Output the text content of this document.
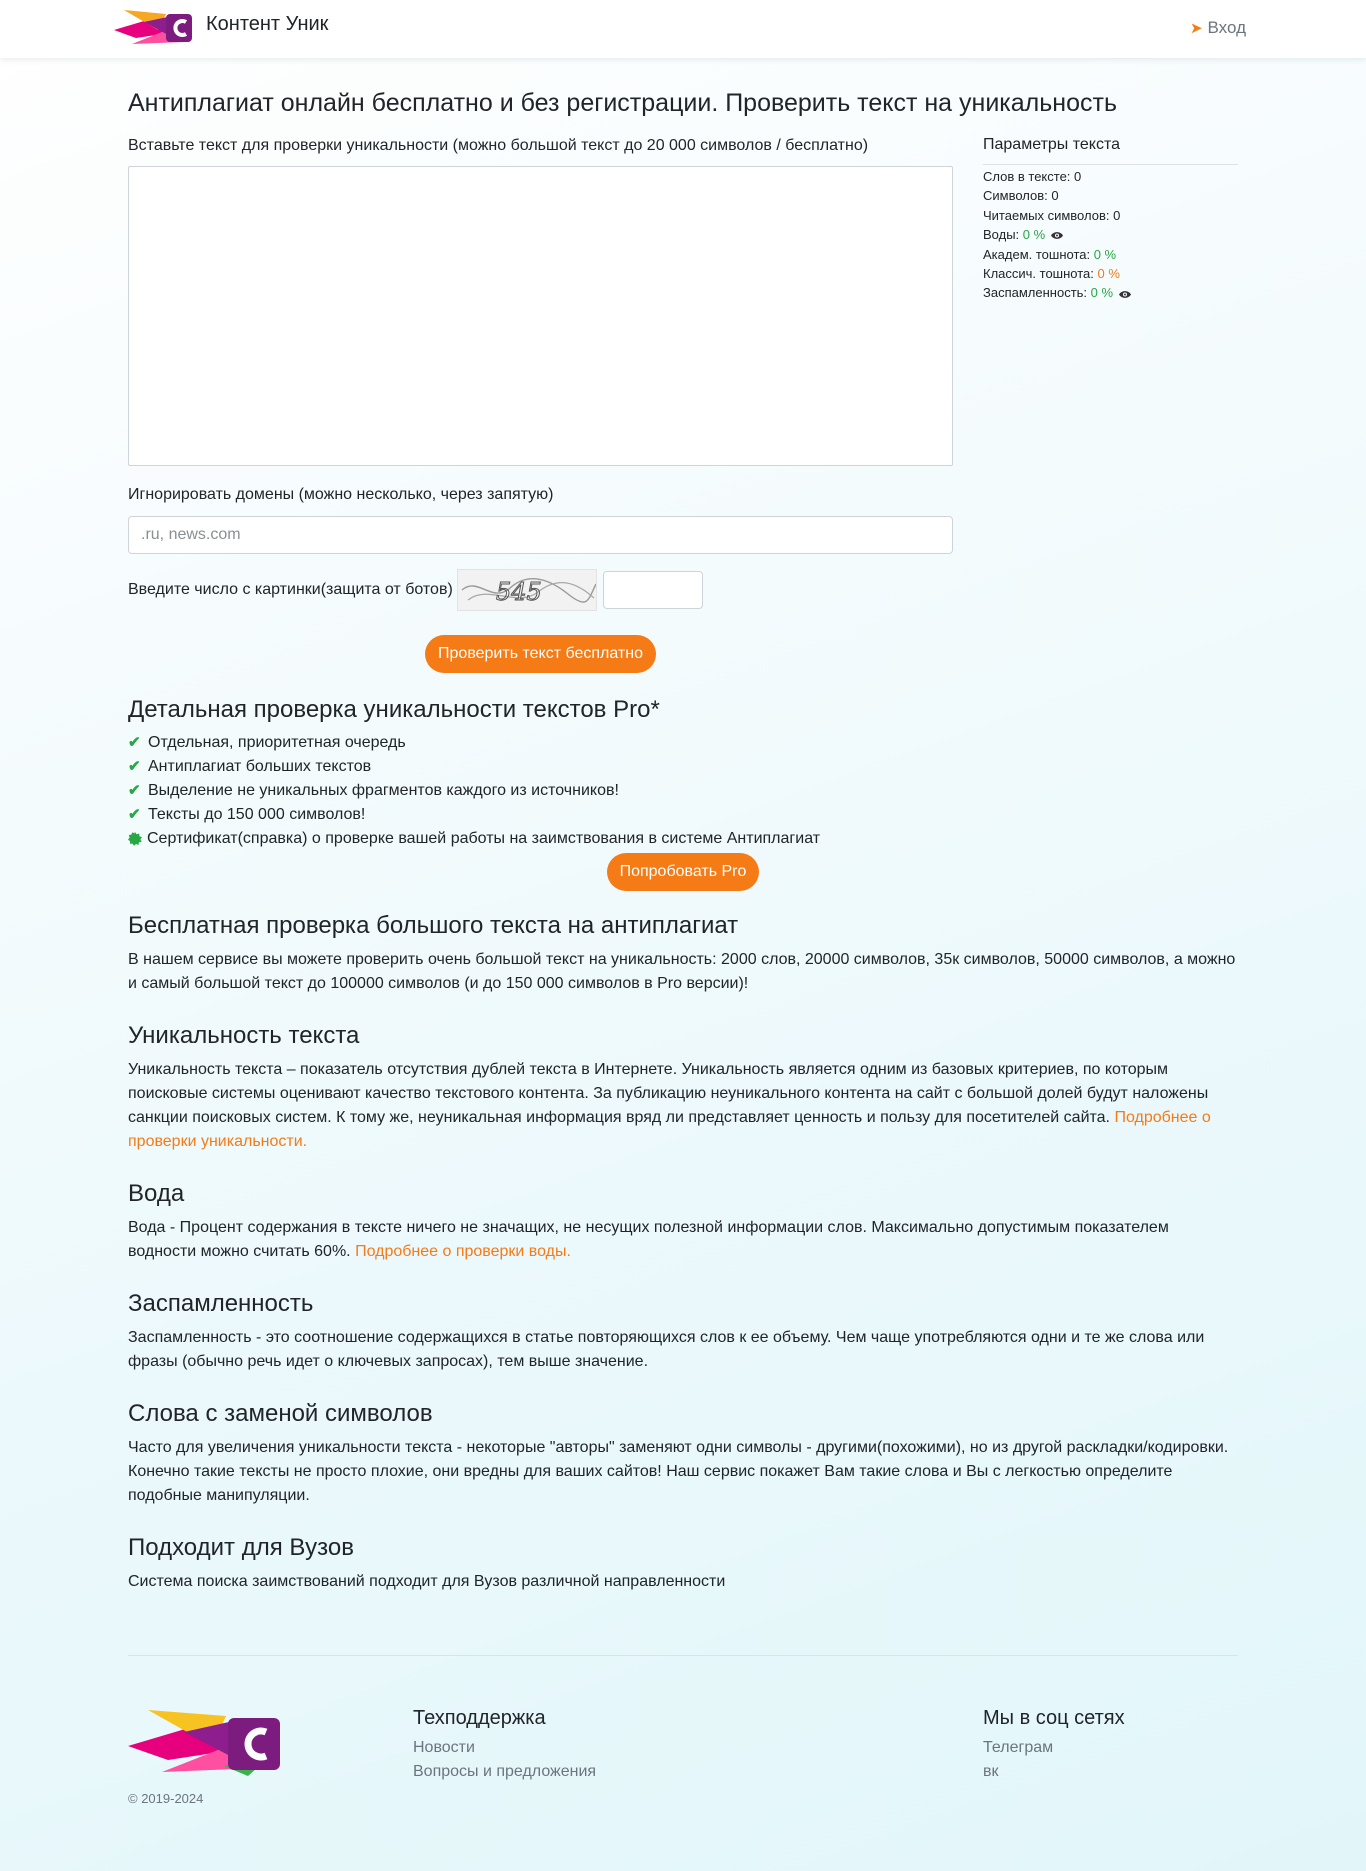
Контент Уник	➤ Вход
Антиплагиат онлайн бесплатно и без регистрации. Проверить текст на уникальность
Вставьте текст для проверки уникальности (можно большой текст до 20 000 символов / бесплатно)
Игнорировать домены (можно несколько, через запятую)
.ru, news.com
Введите число с картинки(защита от ботов) 545
Проверить текст бесплатно
Параметры текста
Слов в тексте: 0
Символов: 0
Читаемых символов: 0
Воды: 0 %
Академ. тошнота: 0 %
Классич. тошнота: 0 %
Заспамленность: 0 %
Детальная проверка уникальности текстов Pro*
✔ Отдельная, приоритетная очередь
✔ Антиплагиат больших текстов
✔ Выделение не уникальных фрагментов каждого из источников!
✔ Тексты до 150 000 символов!
Сертификат(справка) о проверке вашей работы на заимствования в системе Антиплагиат
Попробовать Pro
Бесплатная проверка большого текста на антиплагиат

В нашем сервисе вы можете проверить очень большой текст на уникальность: 2000 слов, 20000 символов, 35к символов, 50000 символов, а можно и самый большой текст до 100000 символов (и до 150 000 символов в Pro версии)!

Уникальность текста

Уникальность текста – показатель отсутствия дублей текста в Интернете. Уникальность является одним из базовых критериев, по которым поисковые системы оценивают качество текстового контента. За публикацию неуникального контента на сайт с большой долей будут наложены санкции поисковых систем. К тому же, неуникальная информация вряд ли представляет ценность и пользу для посетителей сайта. Подробнее о проверки уникальности.

Вода

Вода - Процент содержания в тексте ничего не значащих, не несущих полезной информации слов. Максимально допустимым показателем водности можно считать 60%. Подробнее о проверки воды.

Заспамленность

Заспамленность - это соотношение содержащихся в статье повторяющихся слов к ее объему. Чем чаще употребляются одни и те же слова или фразы (обычно речь идет о ключевых запросах), тем выше значение.

Слова с заменой символов

Часто для увеличения уникальности текста - некоторые "авторы" заменяют одни символы - другими(похожими), но из другой раскладки/кодировки. Конечно такие тексты не просто плохие, они вредны для ваших сайтов! Наш сервис покажет Вам такие слова и Вы с легкостью определите подобные манипуляции.

Подходит для Вузов

Система поиска заимствований подходит для Вузов различной направленности

© 2019-2024
Техподдержка
Новости
Вопросы и предложения
Мы в соц сетях
Телеграм
вк
